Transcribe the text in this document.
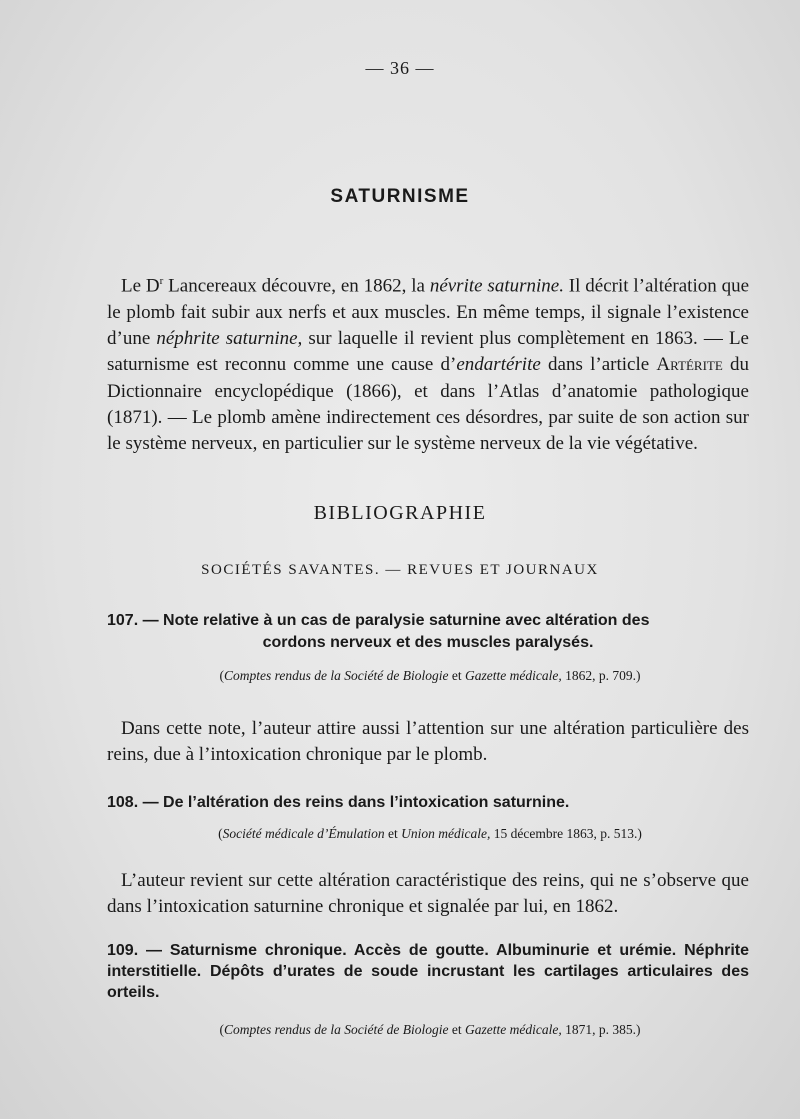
— 36 —
SATURNISME

Le $D^r$ Lancereaux découvre, en 1862, la névrite saturnine. Il décrit l’altération que le plomb fait subir aux nerfs et aux muscles. En même temps, il signale l’existence d’une néphrite saturnine, sur laquelle il revient plus complètement en 1863. — Le saturnisme est reconnu comme une cause d’endartérite dans l’article Artérite du Dictionnaire encyclopédique (1866), et dans l’Atlas d’anatomie pathologique (1871). — Le plomb amène indirectement ces désordres, par suite de son action sur le système nerveux, en particulier sur le système nerveux de la vie végétative.

BIBLIOGRAPHIE
SOCIÉTÉS SAVANTES. — REVUES ET JOURNAUX
107. — Note relative à un cas de paralysie saturnine avec altération des
cordons nerveux et des muscles paralysés.
(Comptes rendus de la Société de Biologie et Gazette médicale, 1862, p. 709.)

Dans cette note, l’auteur attire aussi l’attention sur une altération particulière des reins, due à l’intoxication chronique par le plomb.

108. — De l’altération des reins dans l’intoxication saturnine.
(Société médicale d’Émulation et Union médicale, 15 décembre 1863, p. 513.)

L’auteur revient sur cette altération caractéristique des reins, qui ne s’observe que dans l’intoxication saturnine chronique et signalée par lui, en 1862.

109. — Saturnisme chronique. Accès de goutte. Albuminurie et urémie. Néphrite interstitielle. Dépôts d’urates de soude incrustant les cartilages articulaires des orteils.
(Comptes rendus de la Société de Biologie et Gazette médicale, 1871, p. 385.)
